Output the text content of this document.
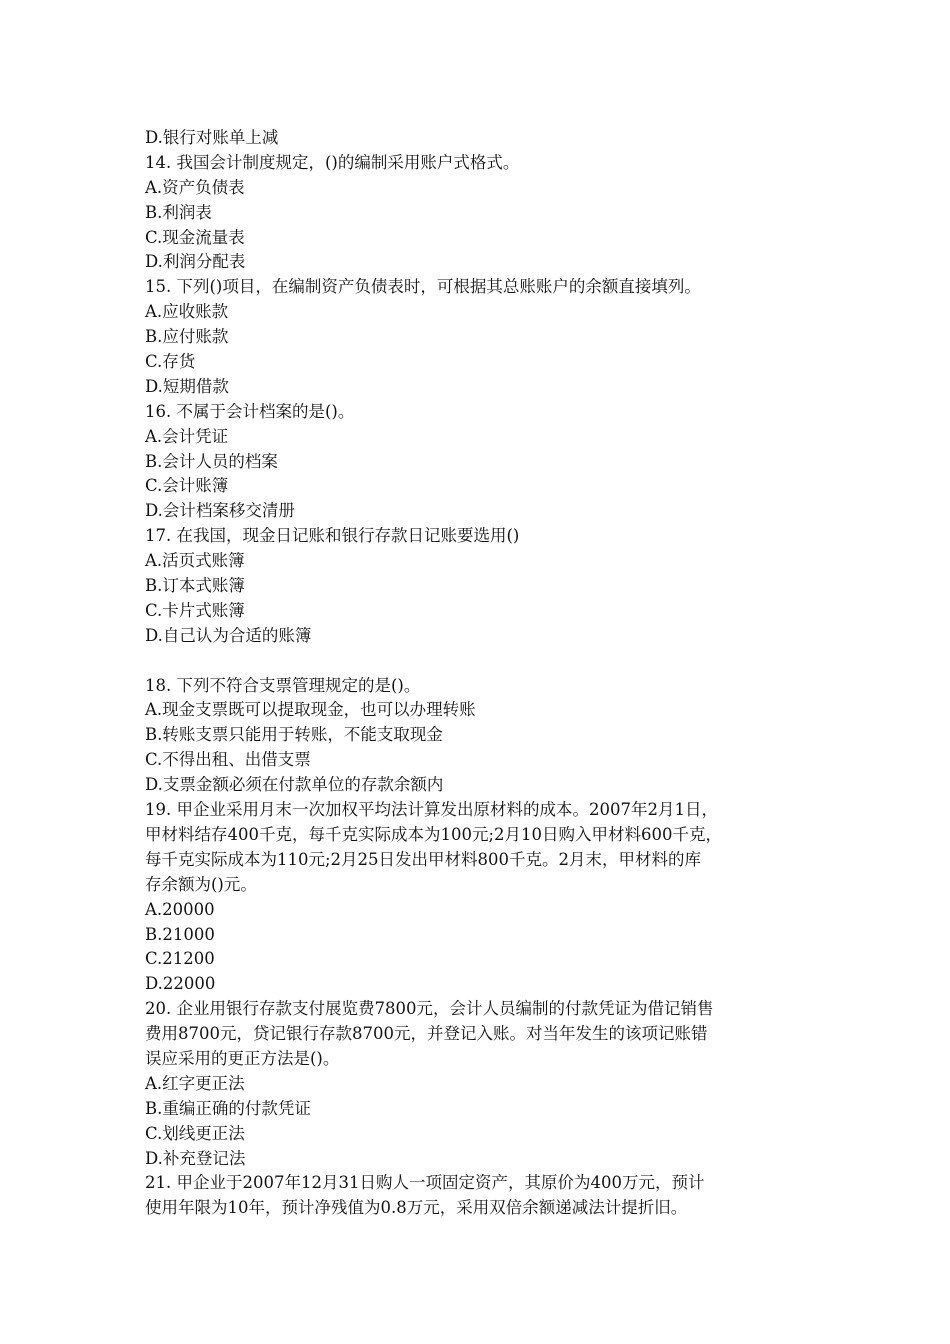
D.银行对账单上减
14. 我国会计制度规定，()的编制采用账户式格式。
A.资产负债表
B.利润表
C.现金流量表
D.利润分配表
15. 下列()项目，在编制资产负债表时，可根据其总账账户的余额直接填列。
A.应收账款
B.应付账款
C.存货
D.短期借款
16. 不属于会计档案的是()。
A.会计凭证
B.会计人员的档案
C.会计账簿
D.会计档案移交清册
17. 在我国，现金日记账和银行存款日记账要选用()
A.活页式账簿
B.订本式账簿
C.卡片式账簿
D.自己认为合适的账簿
18. 下列不符合支票管理规定的是()。
A.现金支票既可以提取现金，也可以办理转账
B.转账支票只能用于转账，不能支取现金
C.不得出租、出借支票
D.支票金额必须在付款单位的存款余额内
19. 甲企业采用月末一次加权平均法计算发出原材料的成本。2007年2月1日，
甲材料结存400千克，每千克实际成本为100元;2月10日购入甲材料600千克，
每千克实际成本为110元;2月25日发出甲材料800千克。2月末，甲材料的库
存余额为()元。
A.20000
B.21000
C.21200
D.22000
20. 企业用银行存款支付展览费7800元，会计人员编制的付款凭证为借记销售
费用8700元，贷记银行存款8700元，并登记入账。对当年发生的该项记账错
误应采用的更正方法是()。
A.红字更正法
B.重编正确的付款凭证
C.划线更正法
D.补充登记法
21. 甲企业于2007年12月31日购人一项固定资产，其原价为400万元，预计
使用年限为10年，预计净残值为0.8万元，采用双倍余额递减法计提折旧。
